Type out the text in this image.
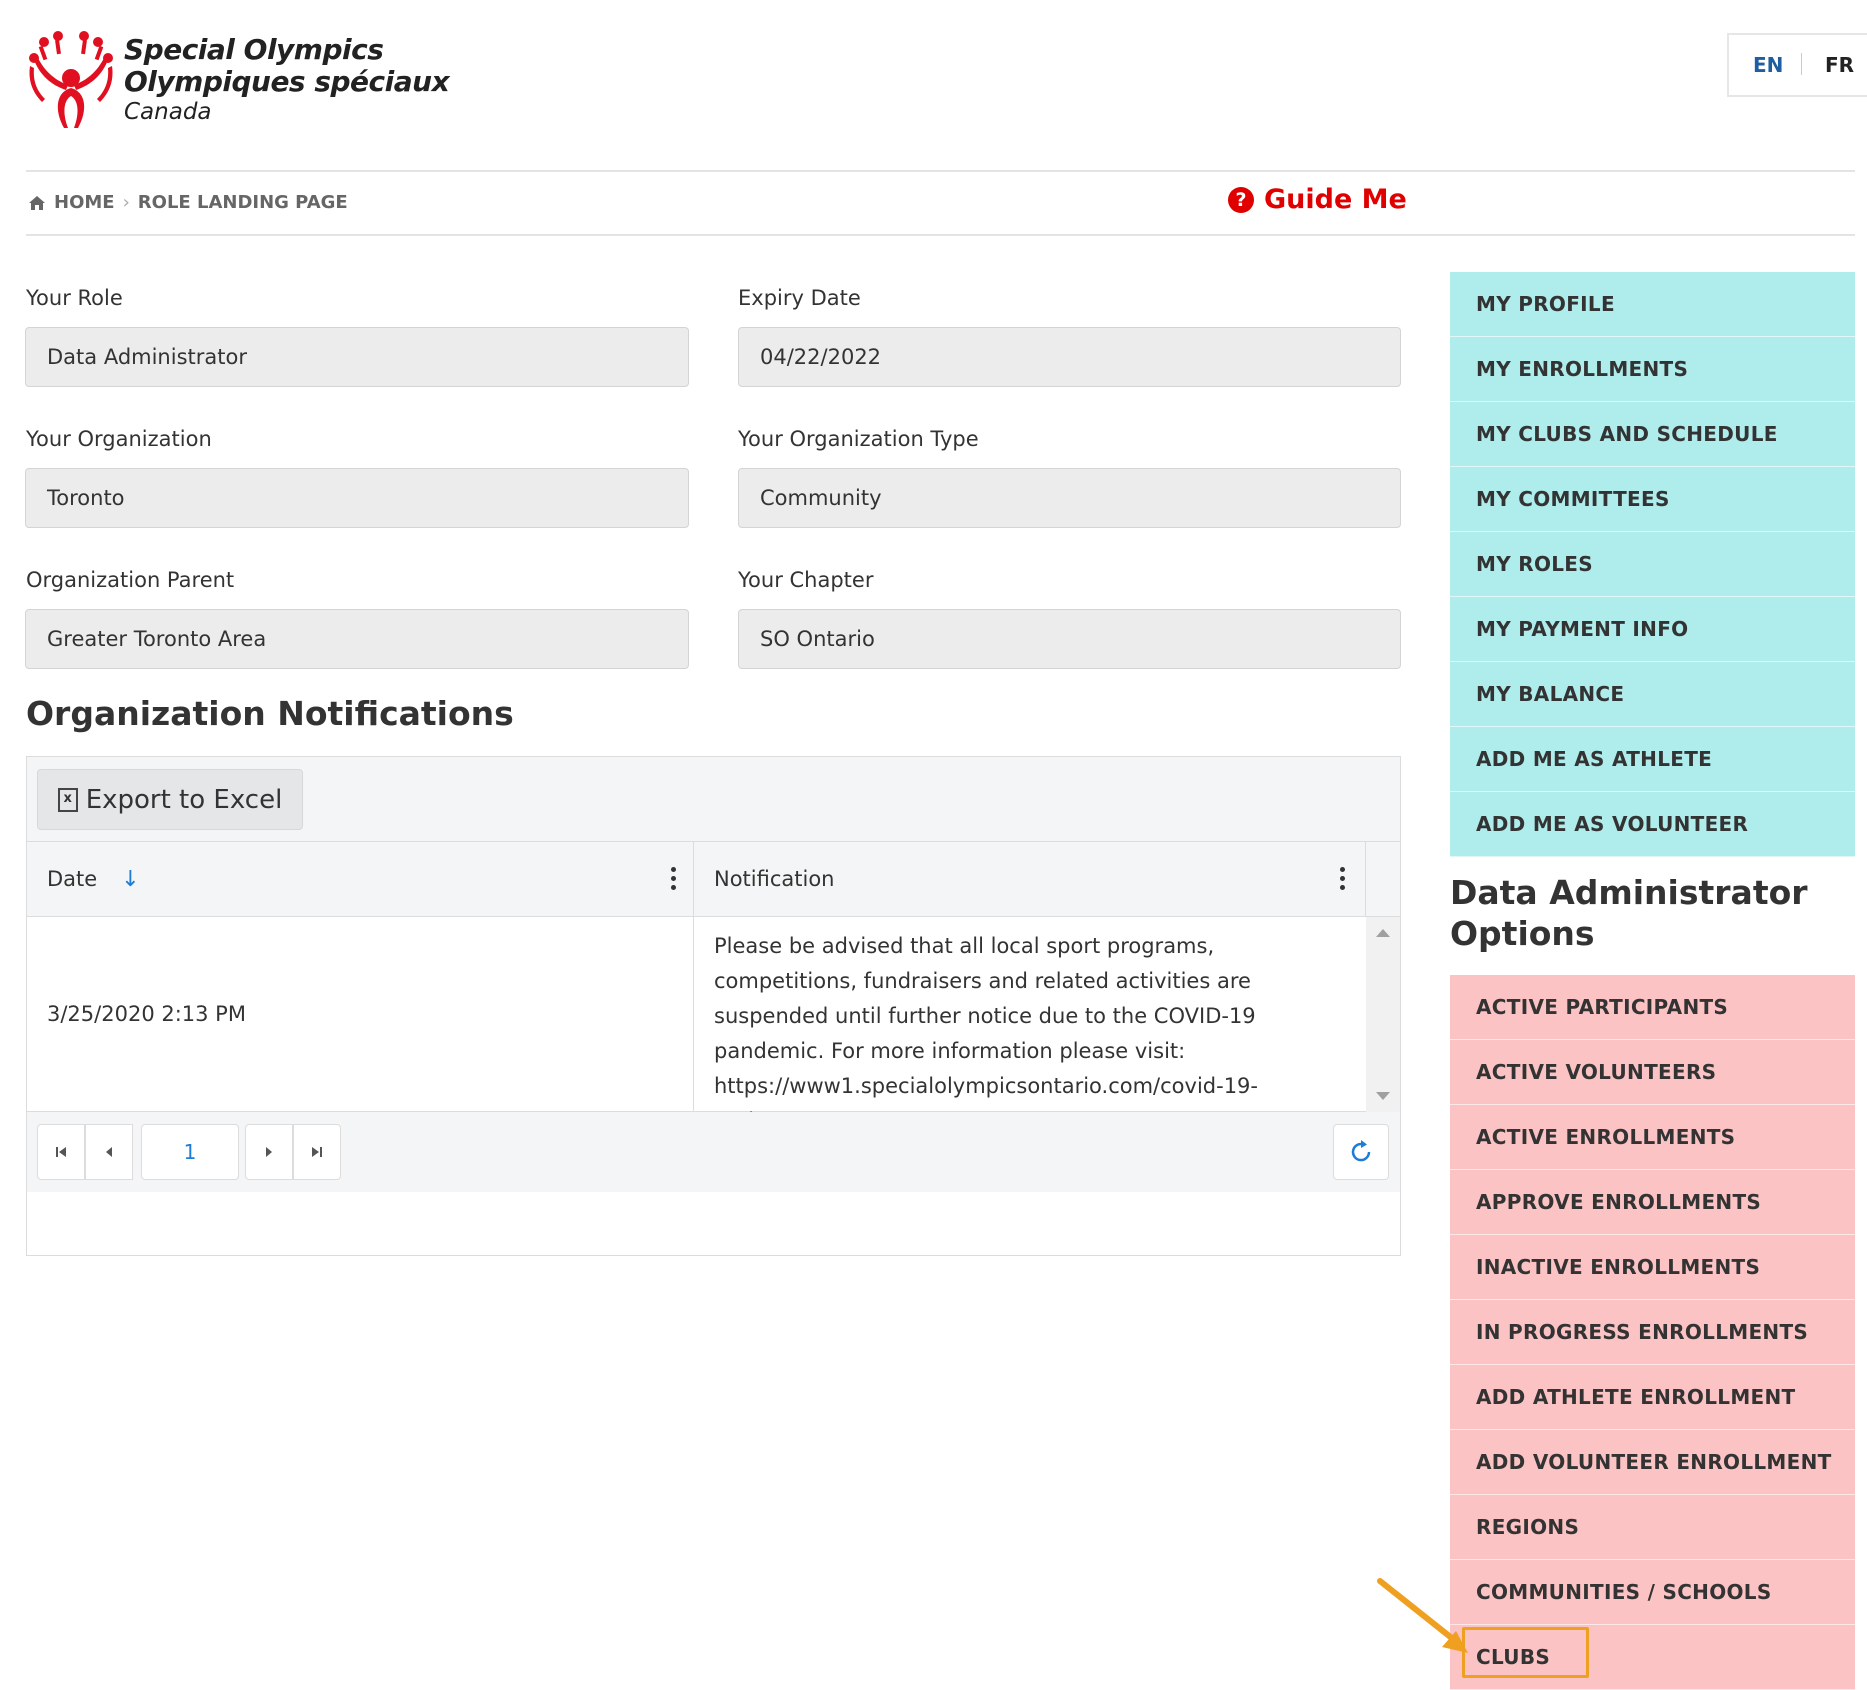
Special Olympics
Olympiques spéciaux
Canada
EN FR
HOME › ROLE LANDING PAGE	? Guide Me
Your Role
Data Administrator
Expiry Date
04/22/2022
Your Organization
Toronto
Your Organization Type
Community
Organization Parent
Greater Toronto Area
Your Chapter
SO Ontario
Organization Notifications
x Export to Excel
Date ↓	Notification
3/25/2020 2:13 PM
Please be advised that all local sport programs, competitions, fundraisers and related activities are suspended until further notice due to the COVID-19 pandemic. For more information please visit: https://www1.specialolympicsontario.com/covid-19-
1
MY PROFILE
MY ENROLLMENTS
MY CLUBS AND SCHEDULE
MY COMMITTEES
MY ROLES
MY PAYMENT INFO
MY BALANCE
ADD ME AS ATHLETE
ADD ME AS VOLUNTEER
Data Administrator Options
ACTIVE PARTICIPANTS
ACTIVE VOLUNTEERS
ACTIVE ENROLLMENTS
APPROVE ENROLLMENTS
INACTIVE ENROLLMENTS
IN PROGRESS ENROLLMENTS
ADD ATHLETE ENROLLMENT
ADD VOLUNTEER ENROLLMENT
REGIONS
COMMUNITIES / SCHOOLS
CLUBS
